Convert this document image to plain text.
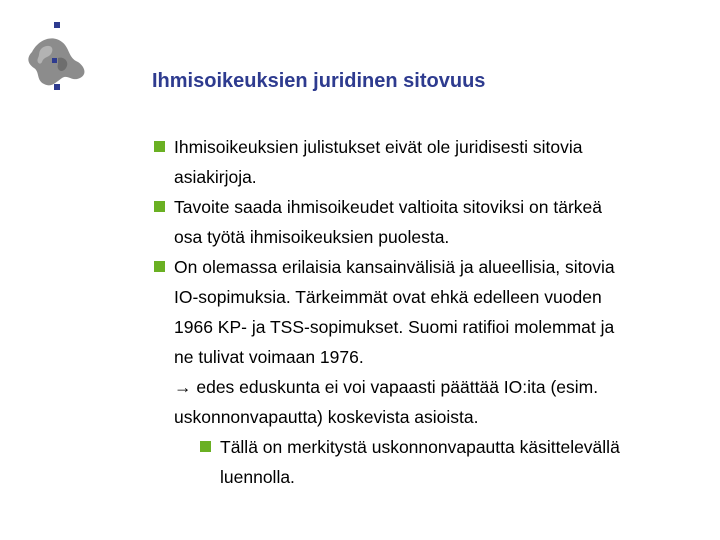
Ihmisoikeuksien juridinen sitovuus
Ihmisoikeuksien julistukset eivät ole juridisesti sitovia
asiakirjoja.
Tavoite saada ihmisoikeudet valtioita sitoviksi on tärkeä
osa työtä ihmisoikeuksien puolesta.
On olemassa erilaisia kansainvälisiä ja alueellisia, sitovia
IO-sopimuksia. Tärkeimmät ovat ehkä edelleen vuoden
1966 KP- ja TSS-sopimukset. Suomi ratifioi molemmat ja
ne tulivat voimaan 1976.
→ edes eduskunta ei voi vapaasti päättää IO:ita (esim.
uskonnonvapautta) koskevista asioista.
Tällä on merkitystä uskonnonvapautta käsittelevällä
luennolla.
